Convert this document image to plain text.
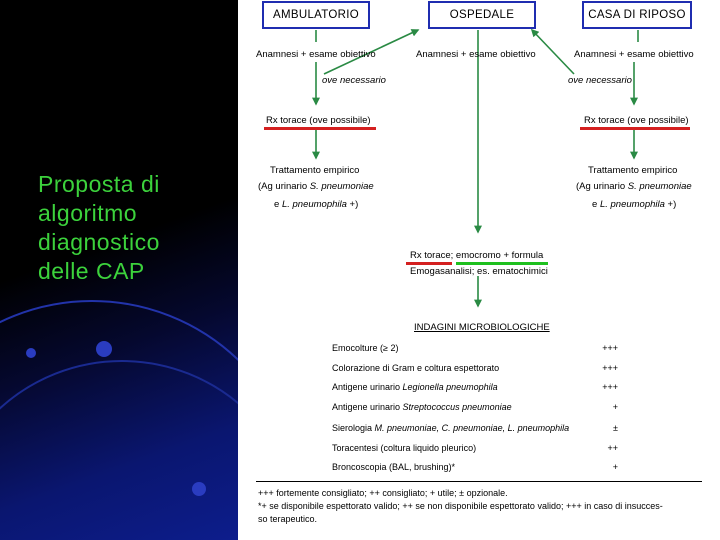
Proposta di
algoritmo
diagnostico
delle CAP
AMBULATORIO	OSPEDALE	CASA DI RIPOSO
Anamnesi + esame obiettivo	Anamnesi + esame obiettivo	Anamnesi + esame obiettivo
ove necessario	ove necessario
Rx torace (ove possibile)	Rx torace (ove possibile)
Trattamento empirico
(Ag urinario S. pneumoniae
e L. pneumophila +)
Trattamento empirico
(Ag urinario S. pneumoniae
e L. pneumophila +)
Rx torace; emocromo + formula
Emogasanalisi; es. ematochimici
INDAGINI MICROBIOLOGICHE
Emocolture (≥ 2)	+++
Colorazione di Gram e coltura espettorato	+++
Antigene urinario Legionella pneumophila	+++
Antigene urinario Streptococcus pneumoniae	+
Sierologia M. pneumoniae, C. pneumoniae, L. pneumophila	±
Toracentesi (coltura liquido pleurico)	++
Broncoscopia (BAL, brushing)*	+
+++ fortemente consigliato; ++ consigliato; + utile; ± opzionale.
*+ se disponibile espettorato valido; ++ se non disponibile espettorato valido; +++ in caso di insucces-
so terapeutico.
